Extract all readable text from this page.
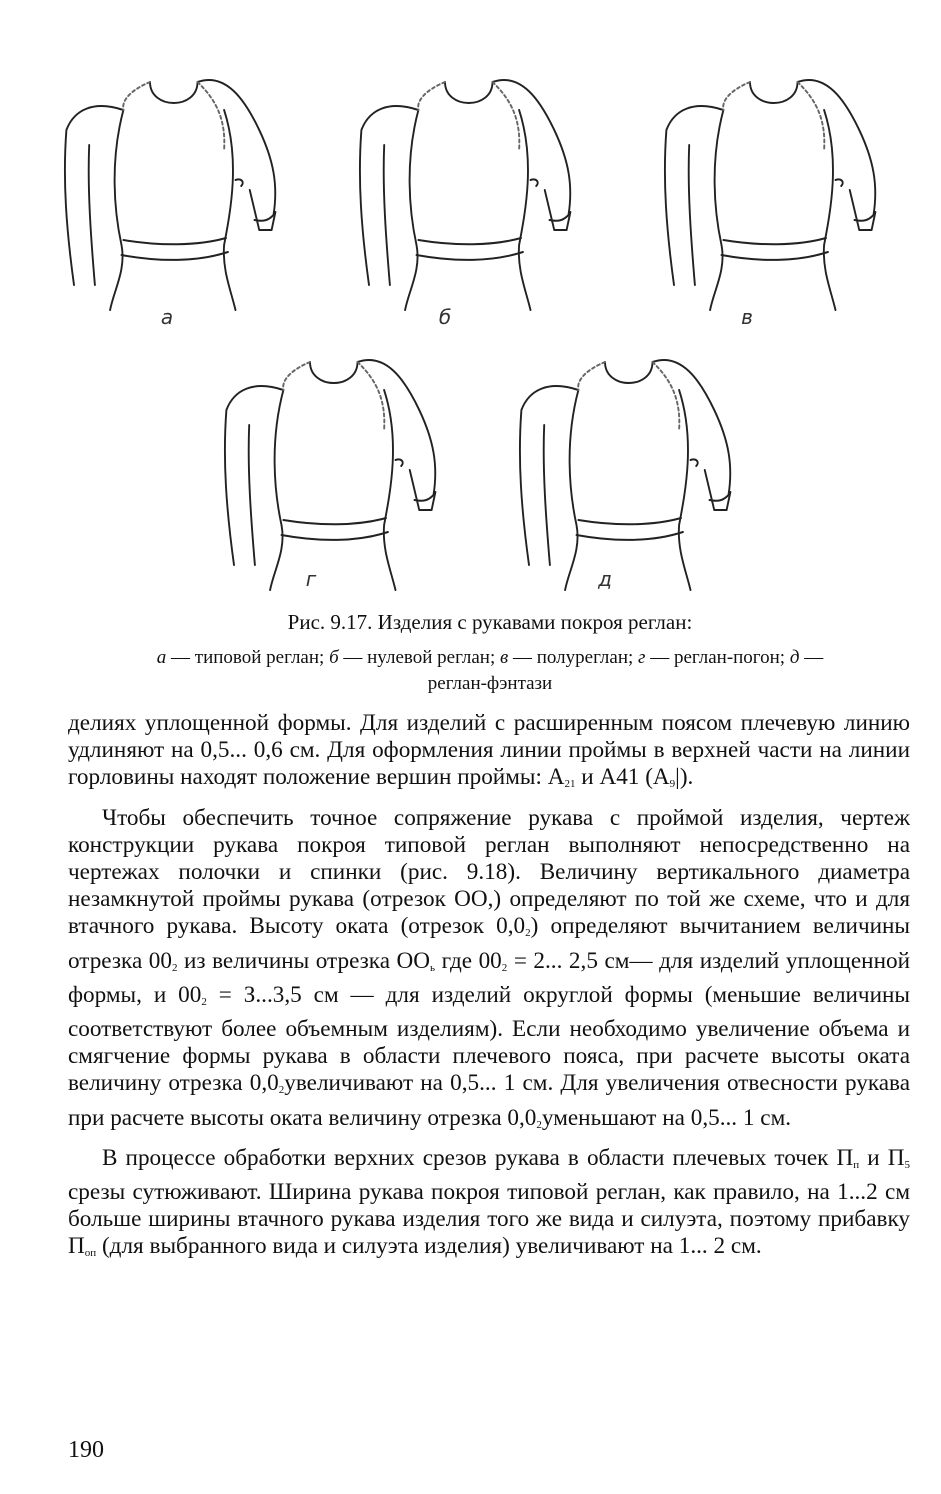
а	б	в
г	д
Рис. 9.17. Изделия с рукавами покроя реглан:
а — типовой реглан; б — нулевой реглан; в — полуреглан; г — реглан-погон; д —
реглан-фэнтази

делиях уплощенной формы. Для изделий с расширенным поясом плечевую линию удлиняют на 0,5... 0,6 см. Для оформления линии проймы в верхней части на линии горловины находят положение вершин проймы: $А_{21}$ и А41 $(А_9|)$.

Чтобы обеспечить точное сопряжение рукава с проймой изделия, чертеж конструкции рукава покроя типовой реглан выполняют непосредственно на чертежах полочки и спинки (рис. 9.18). Величину вертикального диаметра незамкнутой проймы рукава (отрезок ОО,) определяют по той же схеме, что и для втачного рукава. Высоту оката (отрезок $0,0_2$) определяют вычитанием величины отрезка $00_2$ из величины отрезка $ОО_ь$ где $00_2 = 2$... 2,5 см— для изделий уплощенной формы, и $00_2 = З...3,5$ см — для изделий округлой формы (меньшие величины соответствуют более объемным изделиям). Если необходимо увеличение объема и смягчение формы рукава в области плечевого пояса, при расчете высоты оката величину отрезка $0,0_2увеличивают$ на 0,5... 1 см. Для увеличения отвесности рукава при расчете высоты оката величину отрезка $0,0_2уменьшают$ на 0,5... 1 см.

В процессе обработки верхних срезов рукава в области плечевых точек $П_п$ и $П_5$ срезы сутюживают. Ширина рукава покроя типовой реглан, как правило, на 1...2 см больше ширины втачного рукава изделия того же вида и силуэта, поэтому прибавку $П_{оп}$ (для выбранного вида и силуэта изделия) увеличивают на 1... 2 см.

190
